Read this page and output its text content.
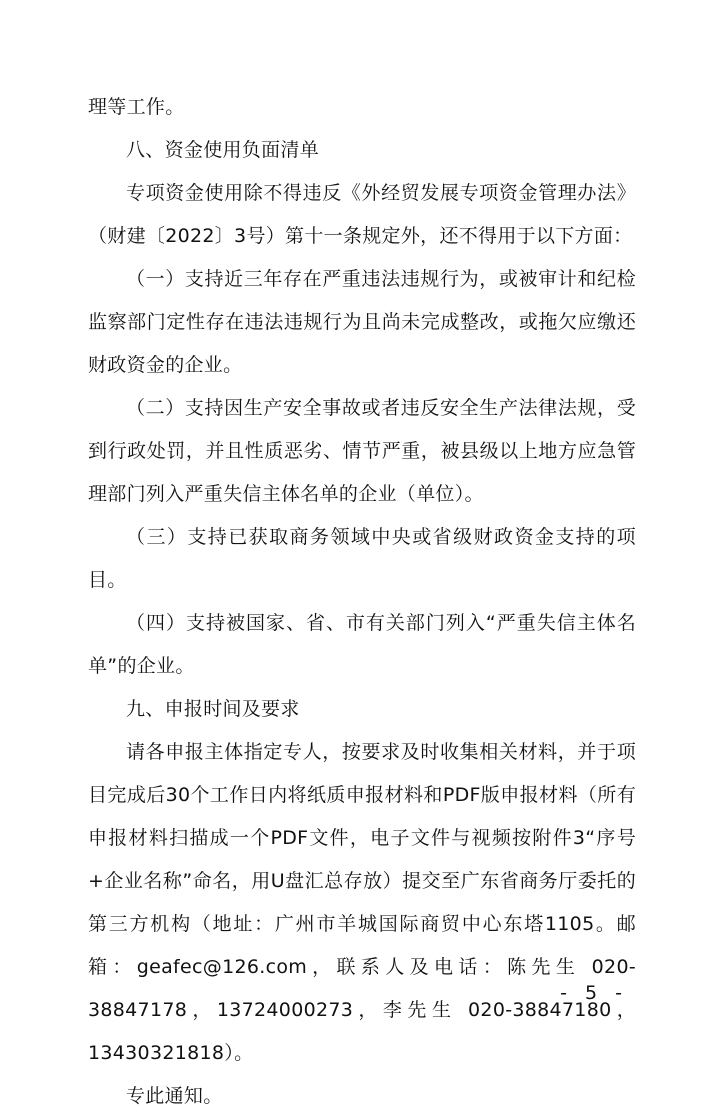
理等工作。

八、资金使用负面清单

专项资金使用除不得违反《外经贸发展专项资金管理办法》（财建〔2022〕3号）第十一条规定外，还不得用于以下方面：

（一）支持近三年存在严重违法违规行为，或被审计和纪检监察部门定性存在违法违规行为且尚未完成整改，或拖欠应缴还财政资金的企业。

（二）支持因生产安全事故或者违反安全生产法律法规，受到行政处罚，并且性质恶劣、情节严重，被县级以上地方应急管理部门列入严重失信主体名单的企业（单位）。

（三）支持已获取商务领域中央或省级财政资金支持的项目。

（四）支持被国家、省、市有关部门列入“严重失信主体名单”的企业。

九、申报时间及要求

请各申报主体指定专人，按要求及时收集相关材料，并于项目完成后30个工作日内将纸质申报材料和PDF版申报材料（所有申报材料扫描成一个PDF文件，电子文件与视频按附件3“序号+企业名称”命名，用U盘汇总存放）提交至广东省商务厅委托的第三方机构（地址：广州市羊城国际商贸中心东塔1105。邮箱：geafec@126.com，联系人及电话：陈先生 020-38847178，13724000273，李先生 020-38847180，13430321818）。

专此通知。

- 5 -
